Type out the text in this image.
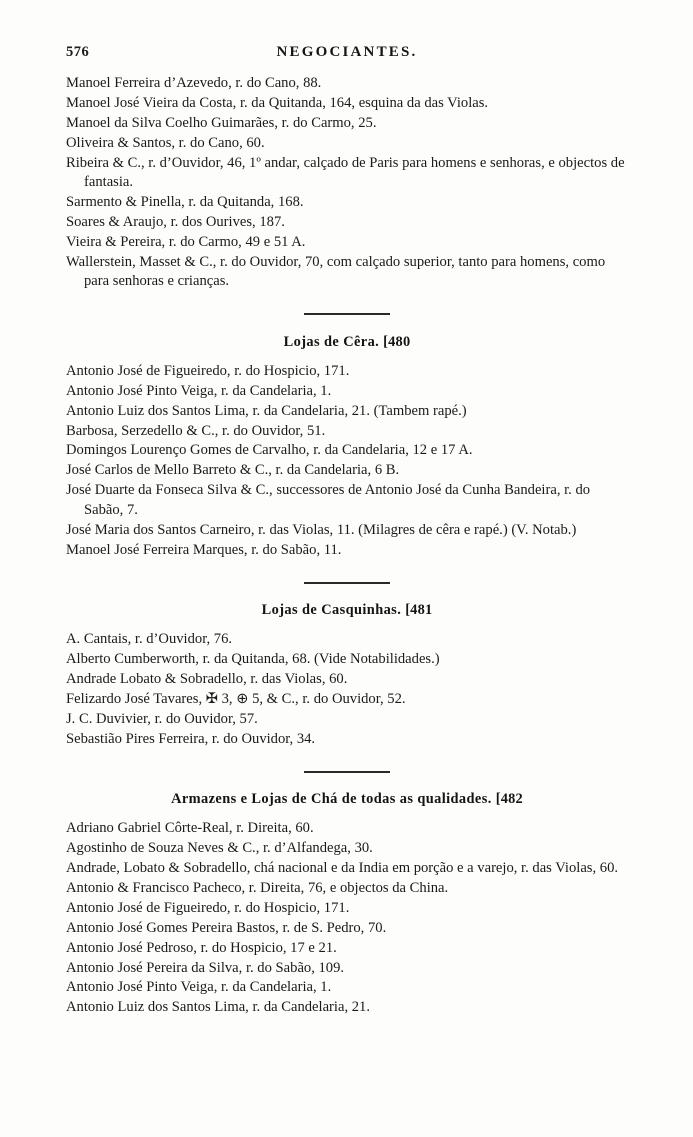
576	NEGOCIANTES.

Manoel Ferreira d’Azevedo, r. do Cano, 88.

Manoel José Vieira da Costa, r. da Quitanda, 164, esquina da das Violas.

Manoel da Silva Coelho Guimarães, r. do Carmo, 25.

Oliveira & Santos, r. do Cano, 60.

Ribeira & C., r. d’Ouvidor, 46, 1º andar, calçado de Paris para homens e senhoras, e objectos de fantasia.

Sarmento & Pinella, r. da Quitanda, 168.

Soares & Araujo, r. dos Ourives, 187.

Vieira & Pereira, r. do Carmo, 49 e 51 A.

Wallerstein, Masset & C., r. do Ouvidor, 70, com calçado superior, tanto para homens, como para senhoras e crianças.

Lojas de Cêra. [480

Antonio José de Figueiredo, r. do Hospicio, 171.

Antonio José Pinto Veiga, r. da Candelaria, 1.

Antonio Luiz dos Santos Lima, r. da Candelaria, 21. (Tambem rapé.)

Barbosa, Serzedello & C., r. do Ouvidor, 51.

Domingos Lourenço Gomes de Carvalho, r. da Candelaria, 12 e 17 A.

José Carlos de Mello Barreto & C., r. da Candelaria, 6 B.

José Duarte da Fonseca Silva & C., successores de Antonio José da Cunha Bandeira, r. do Sabão, 7.

José Maria dos Santos Carneiro, r. das Violas, 11. (Milagres de cêra e rapé.) (V. Notab.)

Manoel José Ferreira Marques, r. do Sabão, 11.

Lojas de Casquinhas. [481

A. Cantais, r. d’Ouvidor, 76.

Alberto Cumberworth, r. da Quitanda, 68. (Vide Notabilidades.)

Andrade Lobato & Sobradello, r. das Violas, 60.

Felizardo José Tavares, ✠ 3, ⊕ 5, & C., r. do Ouvidor, 52.

J. C. Duvivier, r. do Ouvidor, 57.

Sebastião Pires Ferreira, r. do Ouvidor, 34.

Armazens e Lojas de Chá de todas as qualidades. [482

Adriano Gabriel Côrte-Real, r. Direita, 60.

Agostinho de Souza Neves & C., r. d’Alfandega, 30.

Andrade, Lobato & Sobradello, chá nacional e da India em porção e a varejo, r. das Violas, 60.

Antonio & Francisco Pacheco, r. Direita, 76, e objectos da China.

Antonio José de Figueiredo, r. do Hospicio, 171.

Antonio José Gomes Pereira Bastos, r. de S. Pedro, 70.

Antonio José Pedroso, r. do Hospicio, 17 e 21.

Antonio José Pereira da Silva, r. do Sabão, 109.

Antonio José Pinto Veiga, r. da Candelaria, 1.

Antonio Luiz dos Santos Lima, r. da Candelaria, 21.
